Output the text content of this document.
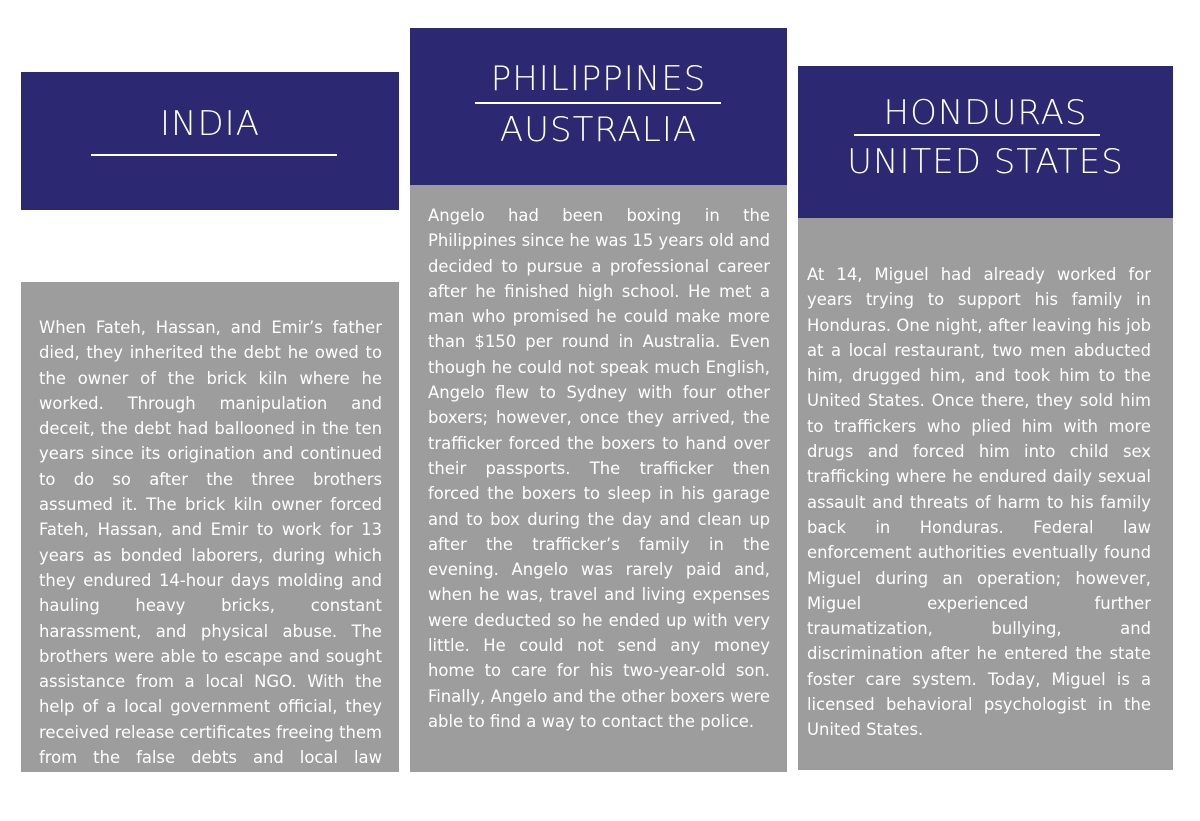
INDIA

When Fateh, Hassan, and Emir’s father died, they inherited the debt he owed to the owner of the brick kiln where he worked. Through manipulation and deceit, the debt had ballooned in the ten years since its origination and continued to do so after the three brothers assumed it. The brick kiln owner forced Fateh, Hassan, and Emir to work for 13 years as bonded laborers, during which they endured 14-hour days molding and hauling heavy bricks, constant harassment, and physical abuse. The brothers were able to escape and sought assistance from a local NGO. With the help of a local government official, they received release certificates freeing them from the false debts and local law enforcement filed charges against their trafficker.

PHILIPPINES
AUSTRALIA

Angelo had been boxing in the Philippines since he was 15 years old and decided to pursue a professional career after he finished high school. He met a man who promised he could make more than $150 per round in Australia. Even though he could not speak much English, Angelo flew to Sydney with four other boxers; however, once they arrived, the trafficker forced the boxers to hand over their passports. The trafficker then forced the boxers to sleep in his garage and to box during the day and clean up after the trafficker’s family in the evening. Angelo was rarely paid and, when he was, travel and living expenses were deducted so he ended up with very little. He could not send any money home to care for his two-year-old son. Finally, Angelo and the other boxers were able to find a way to contact the police.

HONDURAS
UNITED STATES

At 14, Miguel had already worked for years trying to support his family in Honduras. One night, after leaving his job at a local restaurant, two men abducted him, drugged him, and took him to the United States. Once there, they sold him to traffickers who plied him with more drugs and forced him into child sex trafficking where he endured daily sexual assault and threats of harm to his family back in Honduras. Federal law enforcement authorities eventually found Miguel during an operation; however, Miguel experienced further traumatization, bullying, and discrimination after he entered the state foster care system. Today, Miguel is a licensed behavioral psychologist in the United States.
